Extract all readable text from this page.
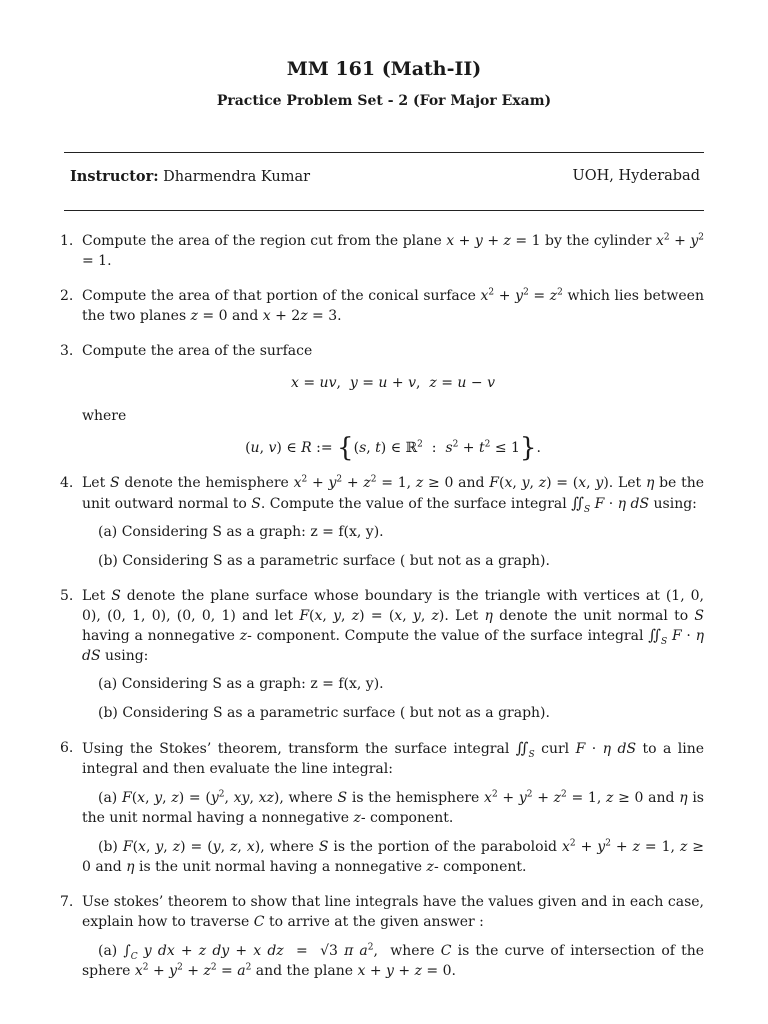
MM 161 (Math-II)
Practice Problem Set - 2 (For Major Exam)
Instructor: Dharmendra Kumar	UOH, Hyderabad
1. Compute the area of the region cut from the plane x + y + z = 1 by the cylinder $x^2 + y^2 = 1$.
2. Compute the area of that portion of the conical surface $x^2 + y^2 = z^2$ which lies between the two planes z = 0 and x + 2z = 3.
3. Compute the area of the surface
x = uv,  y = u + v,  z = u − v
where
(u, v) ∈ R := {(s, t) ∈ ℝ$^2$  :  $s^2 + t^2 \le 1$}.
4. Let S denote the hemisphere $x^2 + y^2 + z^2 = 1$, z ≥ 0 and F(x, y, z) = (x, y). Let η be the unit outward normal to S. Compute the value of the surface integral $∬_S$ F · η dS using:
(a) Considering S as a graph: z = f(x, y).
(b) Considering S as a parametric surface ( but not as a graph).
5. Let S denote the plane surface whose boundary is the triangle with vertices at (1, 0, 0), (0, 1, 0), (0, 0, 1) and let F(x, y, z) = (x, y, z). Let η denote the unit normal to S having a nonnegative z- component. Compute the value of the surface integral $∬_S$ F · η dS using:
(a) Considering S as a graph: z = f(x, y).
(b) Considering S as a parametric surface ( but not as a graph).
6. Using the Stokes’ theorem, transform the surface integral $∬_S$ curl F · η dS to a line integral and then evaluate the line integral:
(a) F(x, y, $z) = (y^2$, xy, xz), where S is the hemisphere $x^2 + y^2 + z^2 = 1$, z ≥ 0 and η is the unit normal having a nonnegative z- component.
(b) F(x, y, z) = (y, z, x), where S is the portion of the paraboloid $x^2 + y^2 + z = 1$, z ≥ 0 and η is the unit normal having a nonnegative z- component.
7. Use stokes’ theorem to show that line integrals have the values given and in each case, explain how to traverse C to arrive at the given answer :
(a) $\int_C$ y dx + z dy + x dz  =  √3 π $a^2$,  where C is the curve of intersection of the sphere $x^2 + y^2 + z^2 = a^2$ and the plane x + y + z = 0.
